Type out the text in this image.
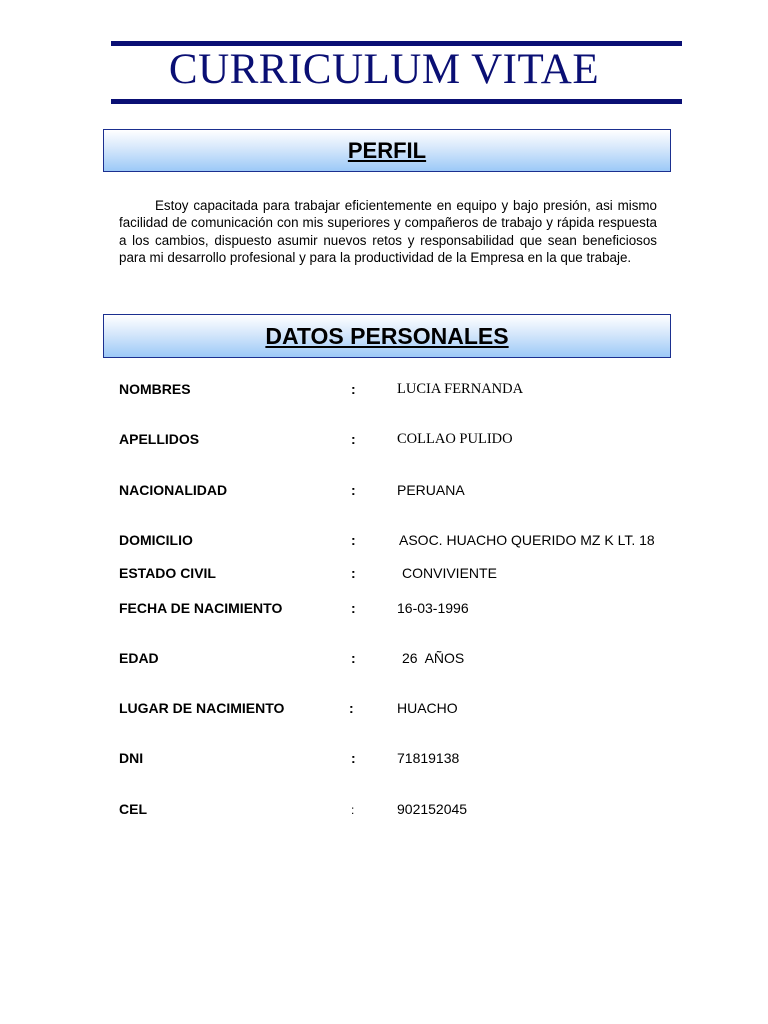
CURRICULUM VITAE
PERFIL

Estoy capacitada para trabajar eficientemente en equipo y bajo presión, asi mismo facilidad de comunicación con mis superiores y compañeros de trabajo y rápida respuesta a los cambios, dispuesto asumir nuevos retos y responsabilidad que sean beneficiosos para mi desarrollo profesional y para la productividad de la Empresa en la que trabaje.

DATOS PERSONALES
NOMBRES	:	LUCIA FERNANDA
APELLIDOS	:	COLLAO PULIDO
NACIONALIDAD	:	PERUANA
DOMICILIO	:	ASOC. HUACHO QUERIDO MZ K LT. 18
ESTADO CIVIL	:	CONVIVIENTE
FECHA DE NACIMIENTO	:	16-03-1996
EDAD	:	26  AÑOS
LUGAR DE NACIMIENTO	:	HUACHO
DNI	:	71819138
CEL	:	902152045
